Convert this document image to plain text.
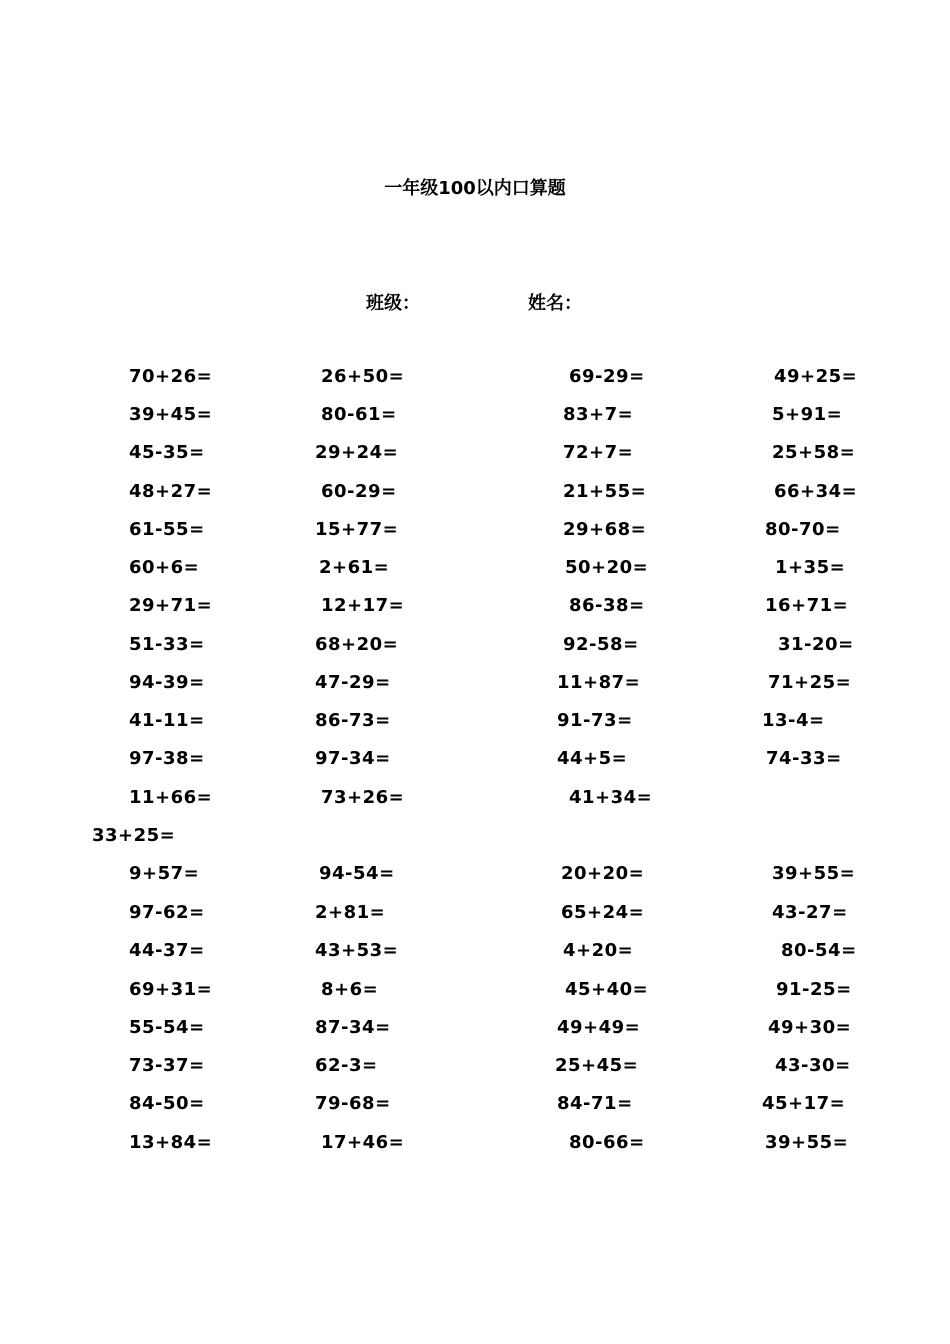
一年级100以内口算题
班级：	姓名：
70+26=	26+50=	69-29=	49+25=
39+45=	80-61=	83+7=	5+91=
45-35=	29+24=	72+7=	25+58=
48+27=	60-29=	21+55=	66+34=
61-55=	15+77=	29+68=	80-70=
60+6=	2+61=	50+20=	1+35=
29+71=	12+17=	86-38=	16+71=
51-33=	68+20=	92-58=	31-20=
94-39=	47-29=	11+87=	71+25=
41-11=	86-73=	91-73=	13-4=
97-38=	97-34=	44+5=	74-33=
11+66=	73+26=	41+34=
33+25=
9+57=	94-54=	20+20=	39+55=
97-62=	2+81=	65+24=	43-27=
44-37=	43+53=	4+20=	80-54=
69+31=	8+6=	45+40=	91-25=
55-54=	87-34=	49+49=	49+30=
73-37=	62-3=	25+45=	43-30=
84-50=	79-68=	84-71=	45+17=
13+84=	17+46=	80-66=	39+55=
